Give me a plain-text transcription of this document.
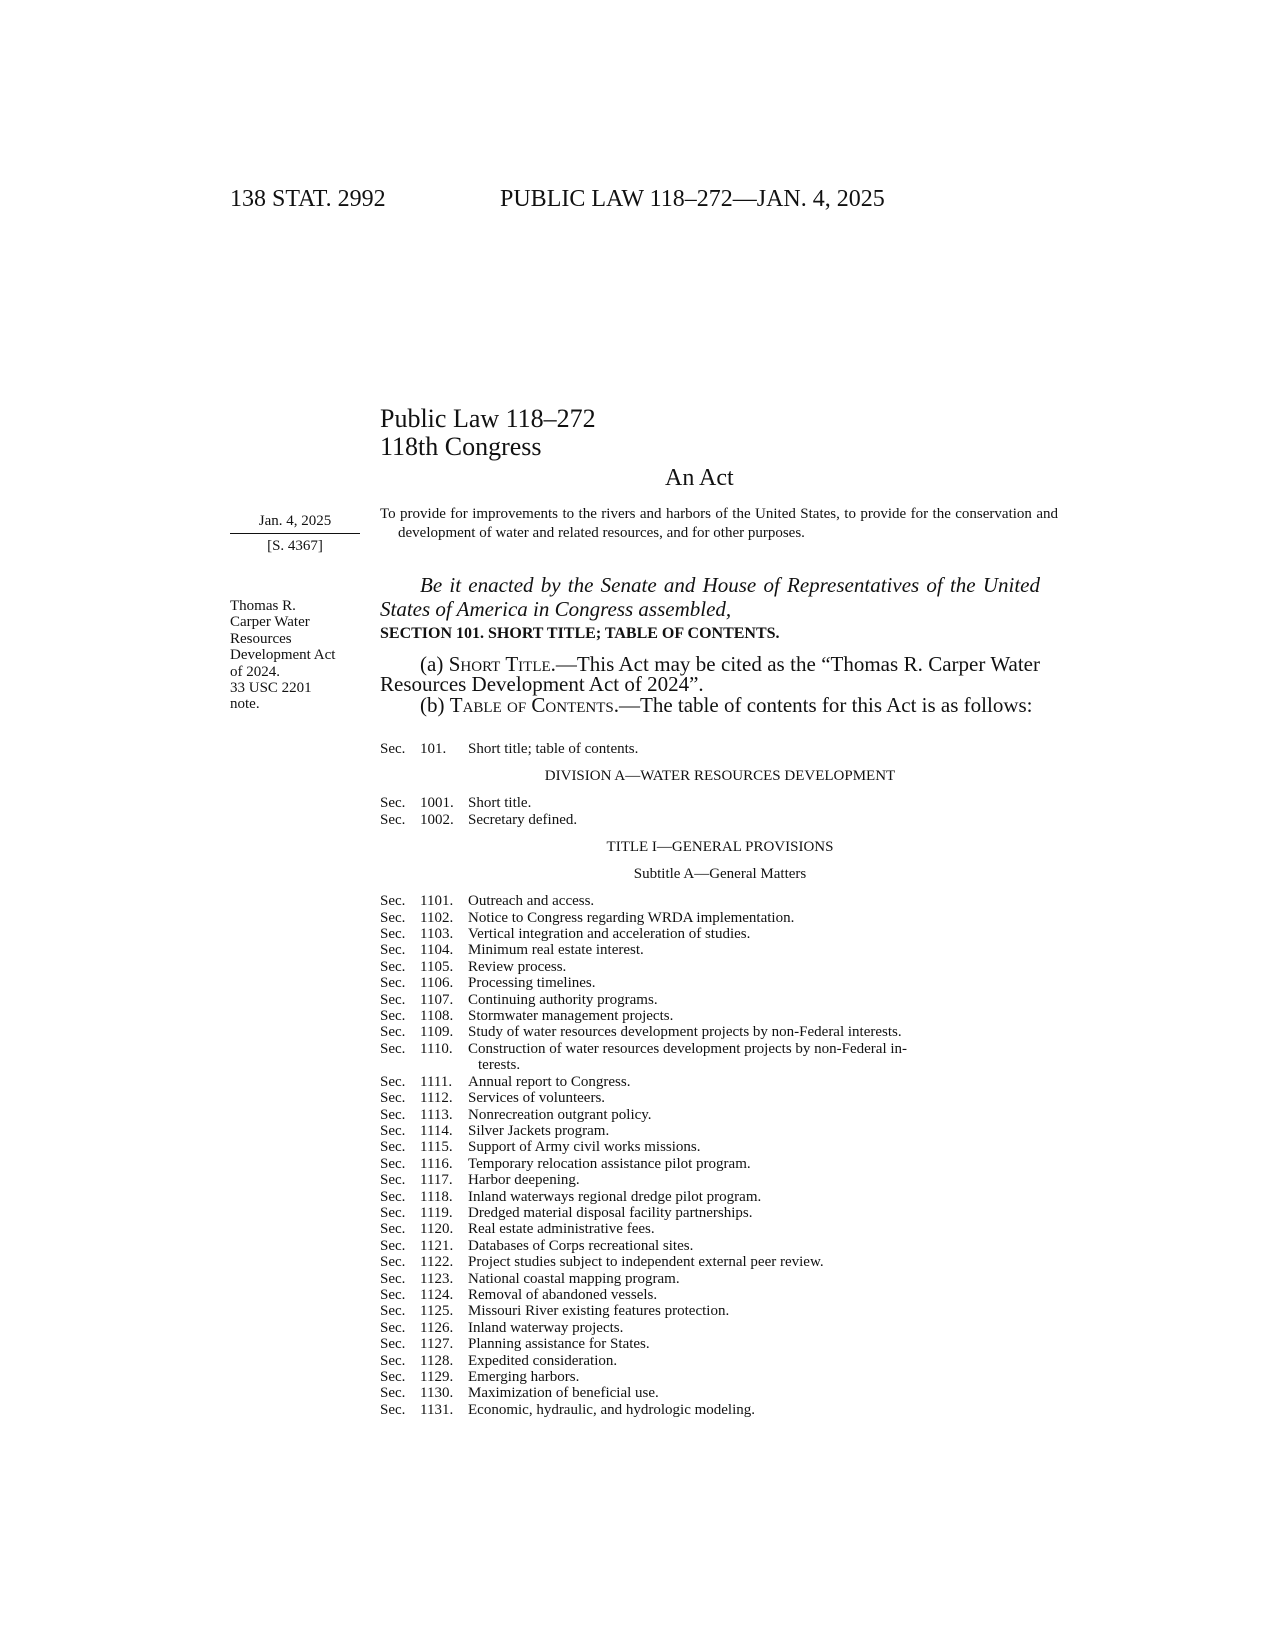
138 STAT. 2992	PUBLIC LAW 118–272—JAN. 4, 2025
Public Law 118–272
118th Congress
An Act
Jan. 4, 2025
[S. 4367]
Thomas R.
Carper Water
Resources
Development Act
of 2024.
33 USC 2201
note.
To provide for improvements to the rivers and harbors of the United States, to provide for the conservation and development of water and related resources, and for other purposes.
Be it enacted by the Senate and House of Representatives of the United States of America in Congress assembled,
SECTION 101. SHORT TITLE; TABLE OF CONTENTS.
(a) Short Title.—This Act may be cited as the “Thomas R. Carper Water Resources Development Act of 2024”.
(b) Table of Contents.—The table of contents for this Act is as follows:
Sec. 101.	Short title; table of contents.
DIVISION A—WATER RESOURCES DEVELOPMENT
Sec. 1001. Short title.
Sec. 1002. Secretary defined.
TITLE I—GENERAL PROVISIONS
Subtitle A—General Matters
Sec. 1101. Outreach and access.
Sec. 1102. Notice to Congress regarding WRDA implementation.
Sec. 1103. Vertical integration and acceleration of studies.
Sec. 1104. Minimum real estate interest.
Sec. 1105. Review process.
Sec. 1106. Processing timelines.
Sec. 1107. Continuing authority programs.
Sec. 1108. Stormwater management projects.
Sec. 1109. Study of water resources development projects by non-Federal interests.
Sec. 1110.	Construction of water resources development projects by non-Federal in-
terests.
Sec. 1111.	Annual report to Congress.
Sec. 1112.	Services of volunteers.
Sec. 1113.	Nonrecreation outgrant policy.
Sec. 1114.	Silver Jackets program.
Sec. 1115.	Support of Army civil works missions.
Sec. 1116.	Temporary relocation assistance pilot program.
Sec. 1117.	Harbor deepening.
Sec. 1118.	Inland waterways regional dredge pilot program.
Sec. 1119.	Dredged material disposal facility partnerships.
Sec. 1120. Real estate administrative fees.
Sec. 1121. Databases of Corps recreational sites.
Sec. 1122. Project studies subject to independent external peer review.
Sec. 1123. National coastal mapping program.
Sec. 1124. Removal of abandoned vessels.
Sec. 1125. Missouri River existing features protection.
Sec. 1126. Inland waterway projects.
Sec. 1127. Planning assistance for States.
Sec. 1128. Expedited consideration.
Sec. 1129. Emerging harbors.
Sec. 1130. Maximization of beneficial use.
Sec. 1131. Economic, hydraulic, and hydrologic modeling.
